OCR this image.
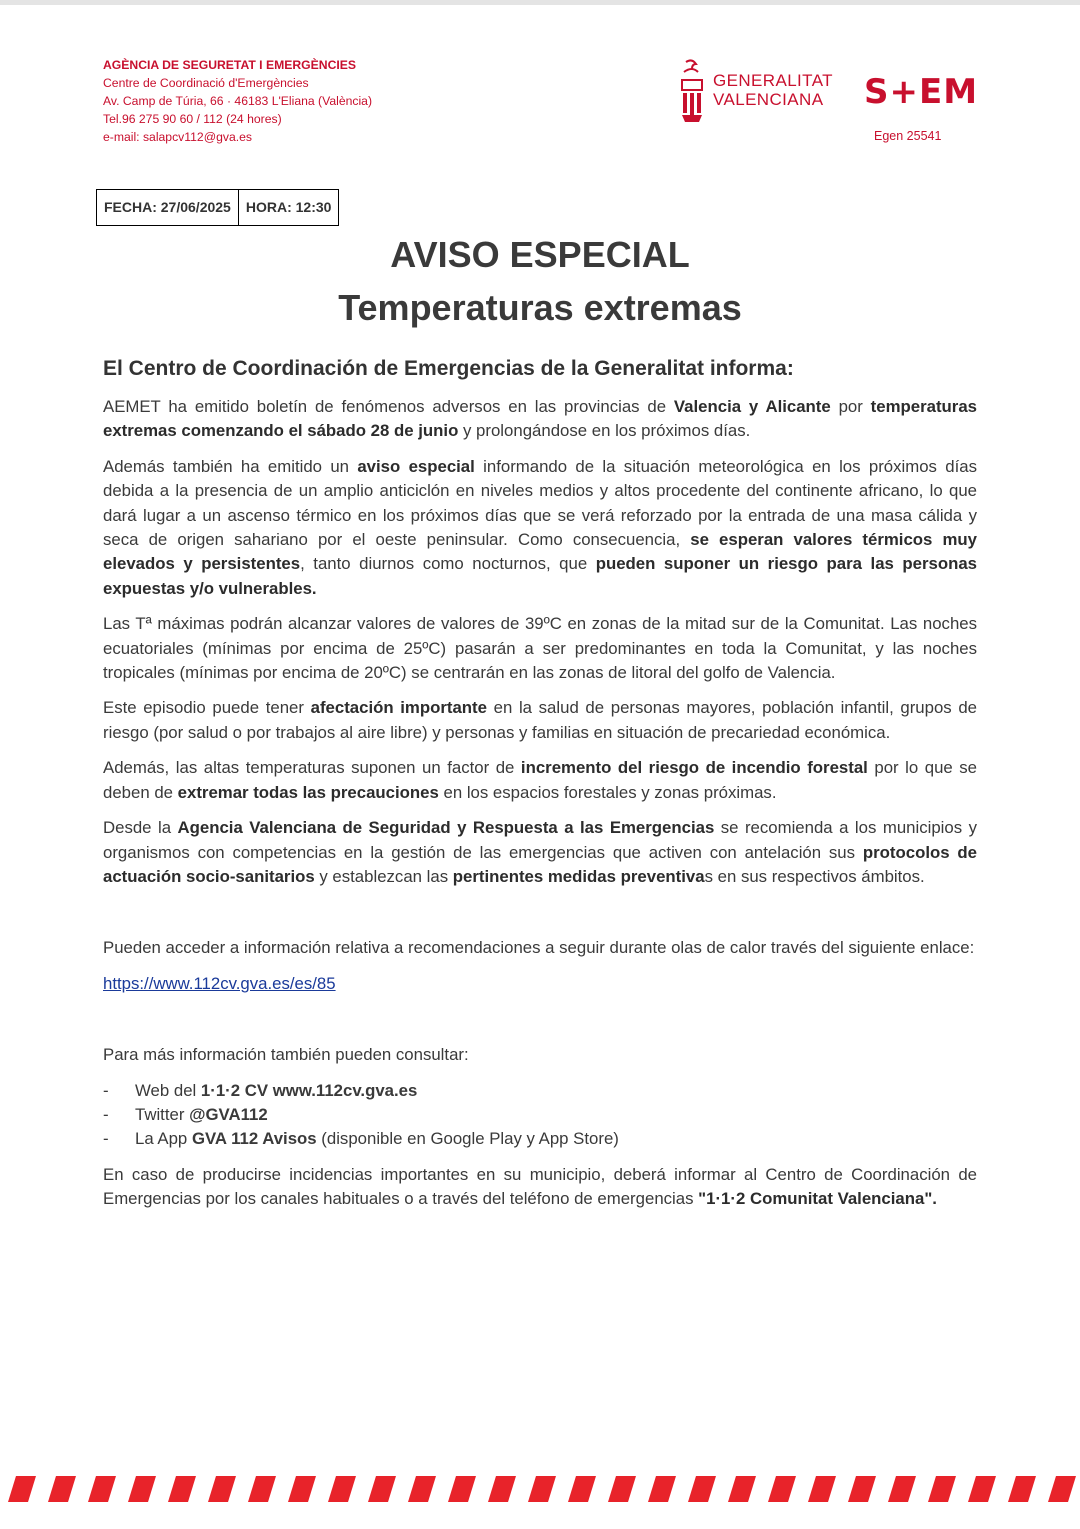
AGÈNCIA DE SEGURETAT I EMERGÈNCIES
Centre de Coordinació d'Emergències
Av. Camp de Túria, 66 · 46183 L'Eliana (València)
Tel.96 275 90 60 / 112 (24 hores)
e-mail: salapcv112@gva.es
GENERALITAT
VALENCIANA S+EM
Egen 25541
FECHA: 27/06/2025	HORA: 12:30
AVISO ESPECIAL
Temperaturas extremas
El Centro de Coordinación de Emergencias de la Generalitat informa:

AEMET ha emitido boletín de fenómenos adversos en las provincias de Valencia y Alicante por temperaturas extremas comenzando el sábado 28 de junio y prolongándose en los próximos días.

Además también ha emitido un aviso especial informando de la situación meteorológica en los próximos días debida a la presencia de un amplio anticiclón en niveles medios y altos procedente del continente africano, lo que dará lugar a un ascenso térmico en los próximos días que se verá reforzado por la entrada de una masa cálida y seca de origen sahariano por el oeste peninsular. Como consecuencia, se esperan valores térmicos muy elevados y persistentes, tanto diurnos como nocturnos, que pueden suponer un riesgo para las personas expuestas y/o vulnerables.

Las Tª máximas podrán alcanzar valores de valores de 39ºC en zonas de la mitad sur de la Comunitat. Las noches ecuatoriales (mínimas por encima de 25ºC) pasarán a ser predominantes en toda la Comunitat, y las noches tropicales (mínimas por encima de 20ºC) se centrarán en las zonas de litoral del golfo de Valencia.

Este episodio puede tener afectación importante en la salud de personas mayores, población infantil, grupos de riesgo (por salud o por trabajos al aire libre) y personas y familias en situación de precariedad económica.

Además, las altas temperaturas suponen un factor de incremento del riesgo de incendio forestal por lo que se deben de extremar todas las precauciones en los espacios forestales y zonas próximas.

Desde la Agencia Valenciana de Seguridad y Respuesta a las Emergencias se recomienda a los municipios y organismos con competencias en la gestión de las emergencias que activen con antelación sus protocolos de actuación socio-sanitarios y establezcan las pertinentes medidas preventivas en sus respectivos ámbitos.

Pueden acceder a información relativa a recomendaciones a seguir durante olas de calor través del siguiente enlace:

https://www.112cv.gva.es/es/85

Para más información también pueden consultar:

- Web del 1·1·2 CV www.112cv.gva.es
- Twitter @GVA112
- La App GVA 112 Avisos (disponible en Google Play y App Store)

En caso de producirse incidencias importantes en su municipio, deberá informar al Centro de Coordinación de Emergencias por los canales habituales o a través del teléfono de emergencias "1·1·2 Comunitat Valenciana".
